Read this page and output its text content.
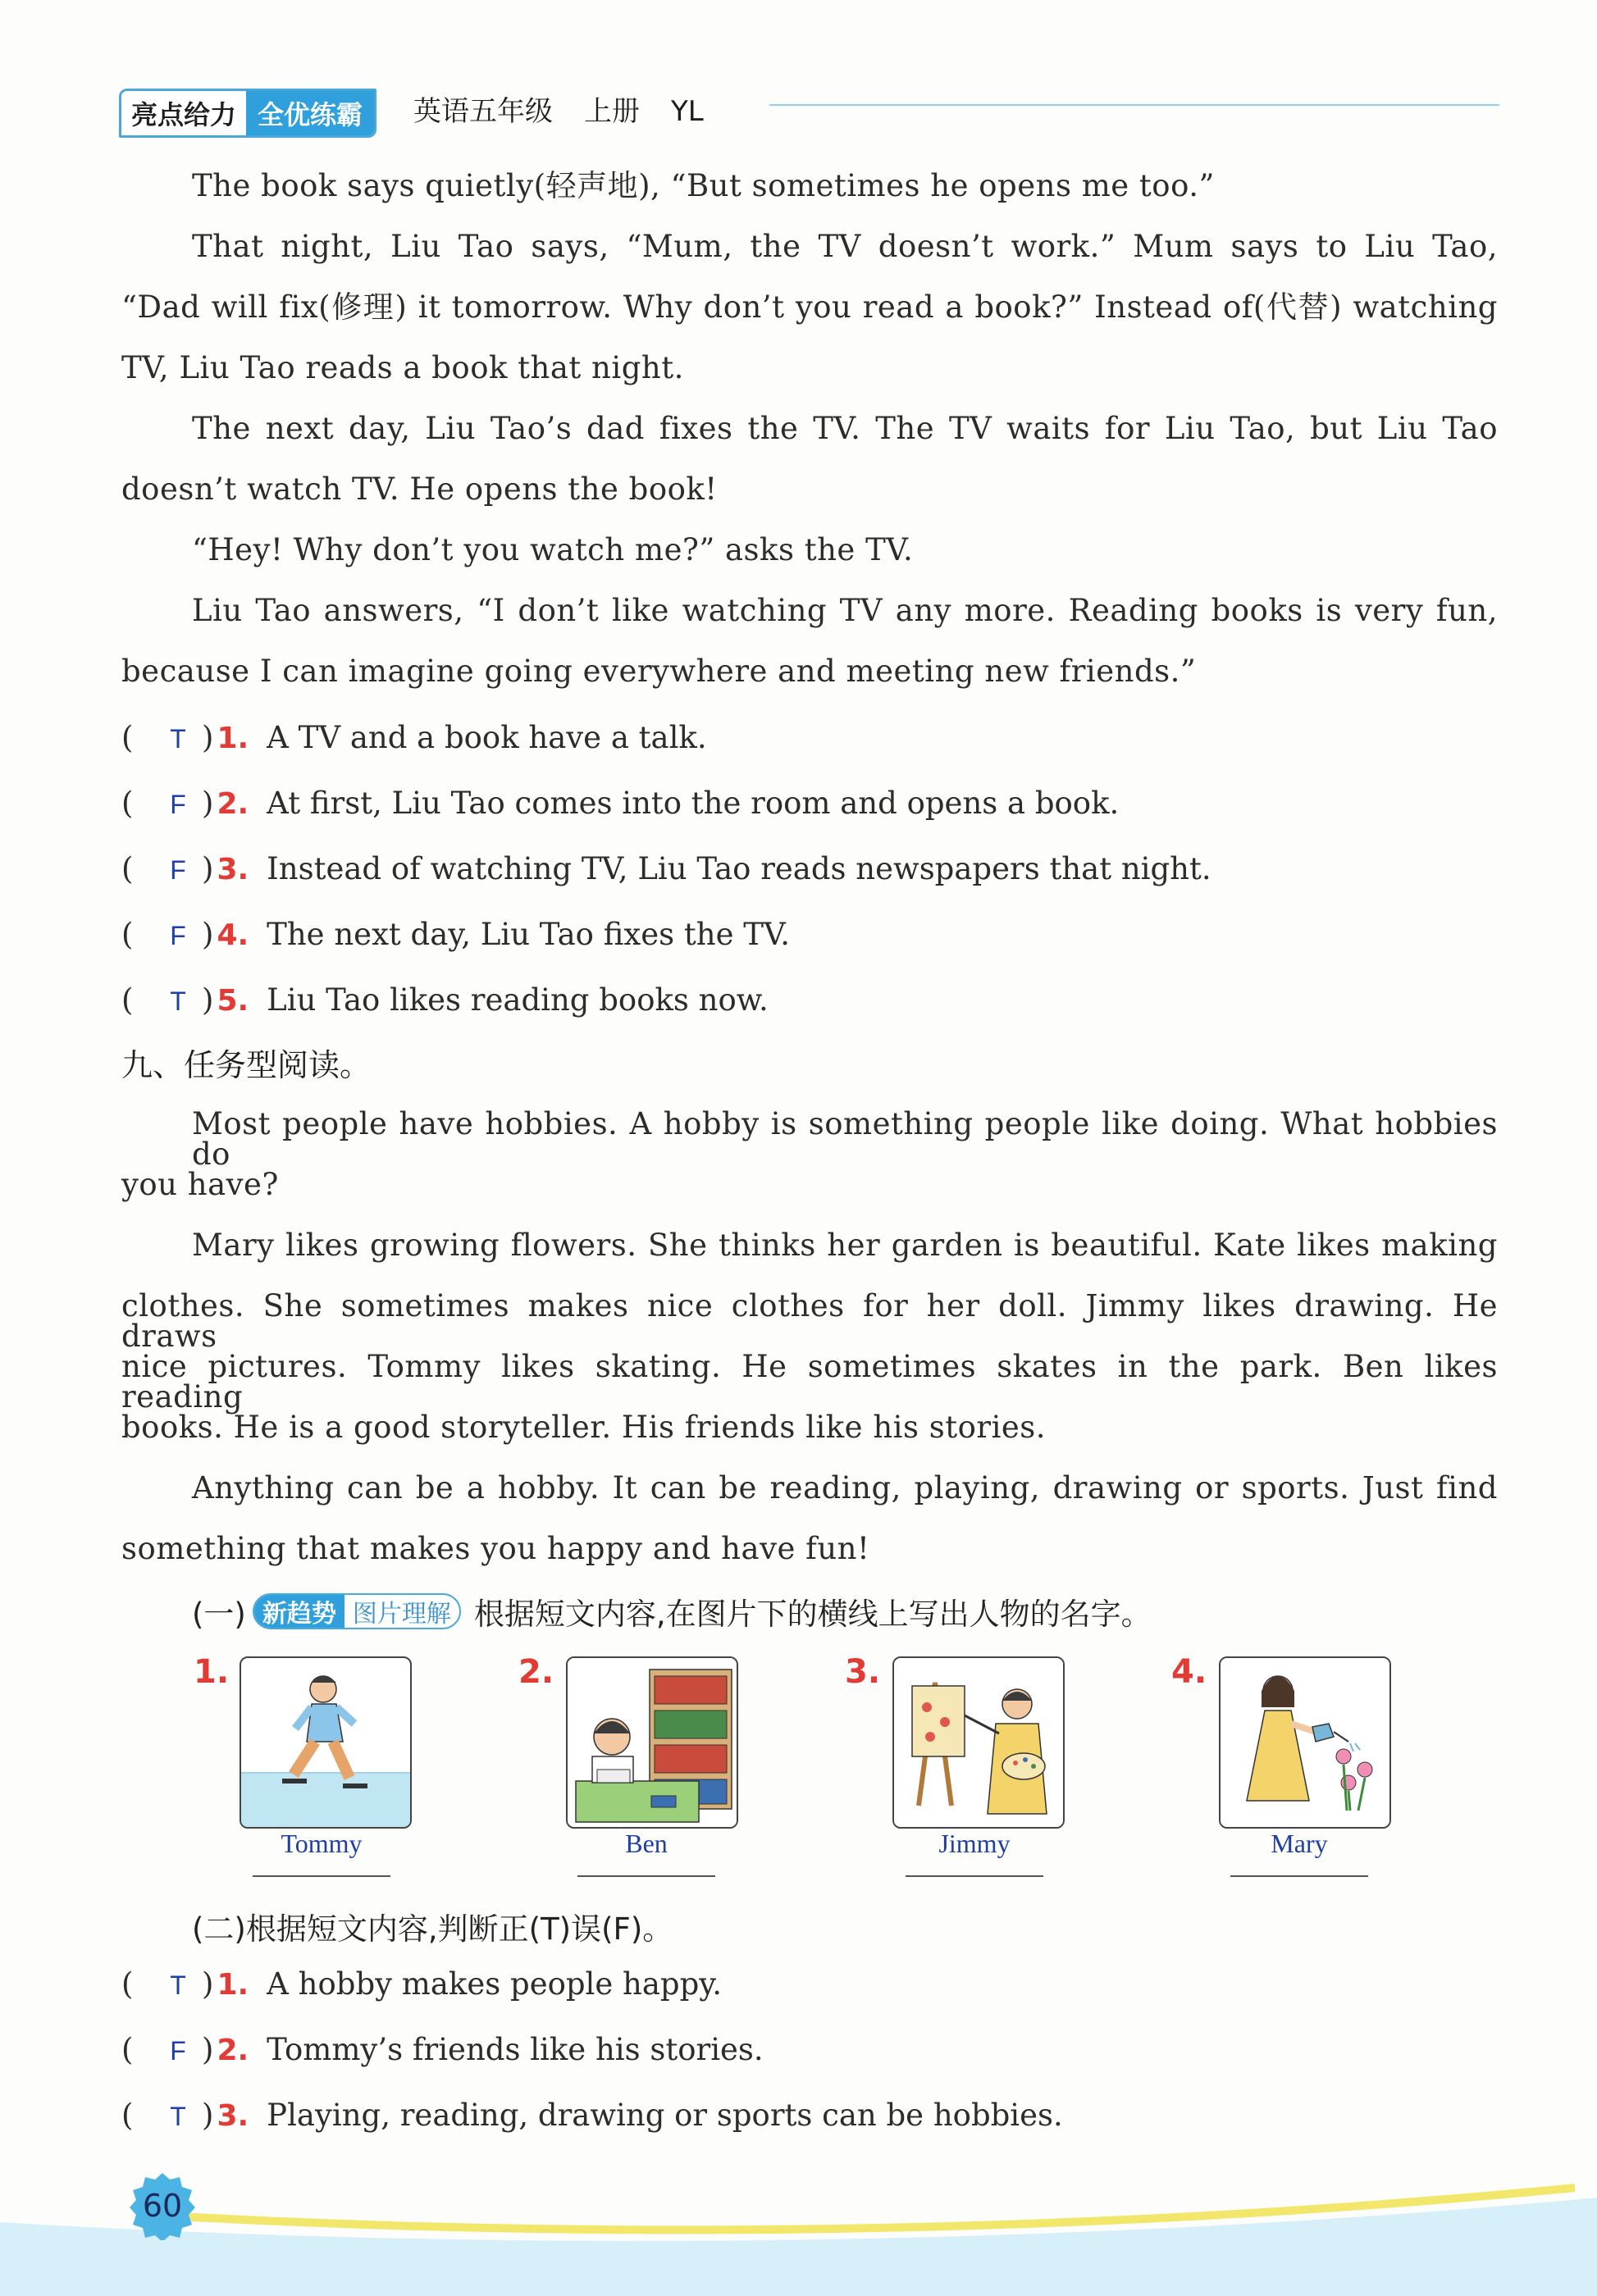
亮点给力 全优练霸	英语五年级 上册 YL
The book says quietly(轻声地), “But sometimes he opens me too.”
That night, Liu Tao says, “Mum, the TV doesn’t work.” Mum says to Liu Tao,
“Dad will fix(修理) it tomorrow. Why don’t you read a book?” Instead of(代替) watching
TV, Liu Tao reads a book that night.
The next day, Liu Tao’s dad fixes the TV. The TV waits for Liu Tao, but Liu Tao
doesn’t watch TV. He opens the book!
“Hey! Why don’t you watch me?” asks the TV.
Liu Tao answers, “I don’t like watching TV any more. Reading books is very fun,
because I can imagine going everywhere and meeting new friends.”
(	T ) 1. A TV and a book have a talk.
(	F ) 2. At first, Liu Tao comes into the room and opens a book.
(	F ) 3. Instead of watching TV, Liu Tao reads newspapers that night.
(	F ) 4. The next day, Liu Tao fixes the TV.
(	T ) 5. Liu Tao likes reading books now.
九、任务型阅读。
Most people have hobbies. A hobby is something people like doing. What hobbies do
you have?
Mary likes growing flowers. She thinks her garden is beautiful. Kate likes making
clothes. She sometimes makes nice clothes for her doll. Jimmy likes drawing. He draws
nice pictures. Tommy likes skating. He sometimes skates in the park. Ben likes reading
books. He is a good storyteller. His friends like his stories.
Anything can be a hobby. It can be reading, playing, drawing or sports. Just find
something that makes you happy and have fun!
(一) 新趋势 图片理解 根据短文内容,在图片下的横线上写出人物的名字。
1.
Tommy
2.
Ben
3.
Jimmy
4.
Mary
(二)根据短文内容,判断正(T)误(F)。
(	T ) 1. A hobby makes people happy.
(	F ) 2. Tommy’s friends like his stories.
(	T ) 3. Playing, reading, drawing or sports can be hobbies.
60
